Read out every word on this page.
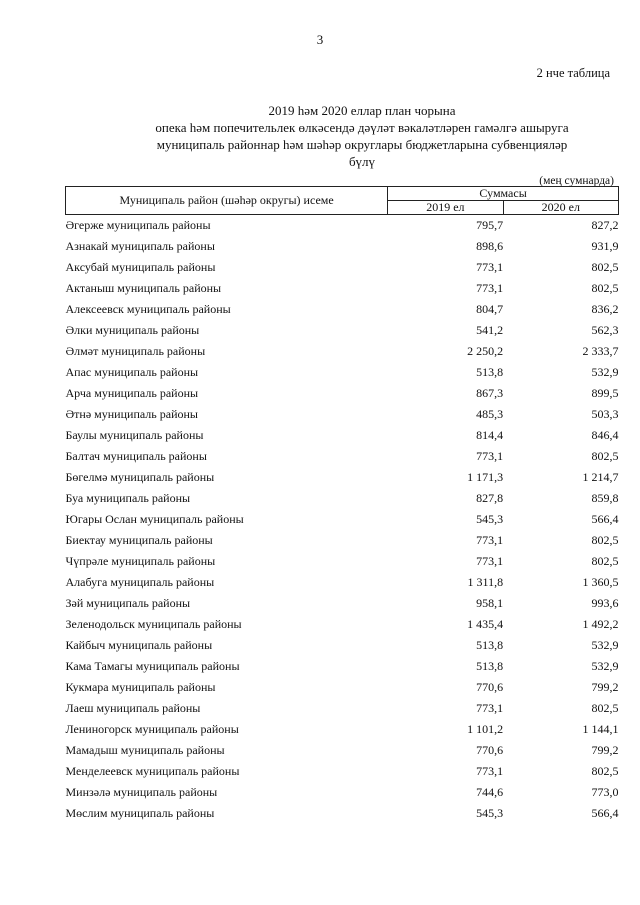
3
2 нче таблица
2019 һәм 2020 еллар план чорына
опека һәм попечительлек өлкәсендә дәүләт вәкаләтләрен гамәлгә ашыруга
муниципаль районнар һәм шәһәр округлары бюджетларына субвенцияләр
бүлү
(мең сумнарда)
Муниципаль район (шәһәр округы) исеме	Суммасы	
	2019 ел	2020 ел
Әгерже муниципаль районы	795,7	827,2
Азнакай муниципаль районы	898,6	931,9
Аксубай муниципаль районы	773,1	802,5
Актаныш муниципаль районы	773,1	802,5
Алексеевск муниципаль районы	804,7	836,2
Әлки муниципаль районы	541,2	562,3
Әлмәт муниципаль районы	2 250,2	2 333,7
Апас муниципаль районы	513,8	532,9
Арча муниципаль районы	867,3	899,5
Әтнә муниципаль районы	485,3	503,3
Баулы муниципаль районы	814,4	846,4
Балтач муниципаль районы	773,1	802,5
Бөгелмә муниципаль районы	1 171,3	1 214,7
Буа муниципаль районы	827,8	859,8
Югары Ослан муниципаль районы	545,3	566,4
Биектау муниципаль районы	773,1	802,5
Чүпрәле муниципаль районы	773,1	802,5
Алабуга муниципаль районы	1 311,8	1 360,5
Зәй муниципаль районы	958,1	993,6
Зеленодольск муниципаль районы	1 435,4	1 492,2
Кайбыч муниципаль районы	513,8	532,9
Кама Тамагы муниципаль районы	513,8	532,9
Кукмара муниципаль районы	770,6	799,2
Лаеш муниципаль районы	773,1	802,5
Лениногорск муниципаль районы	1 101,2	1 144,1
Мамадыш муниципаль районы	770,6	799,2
Менделеевск муниципаль районы	773,1	802,5
Минзәлә муниципаль районы	744,6	773,0
Мөслим муниципаль районы	545,3	566,4
